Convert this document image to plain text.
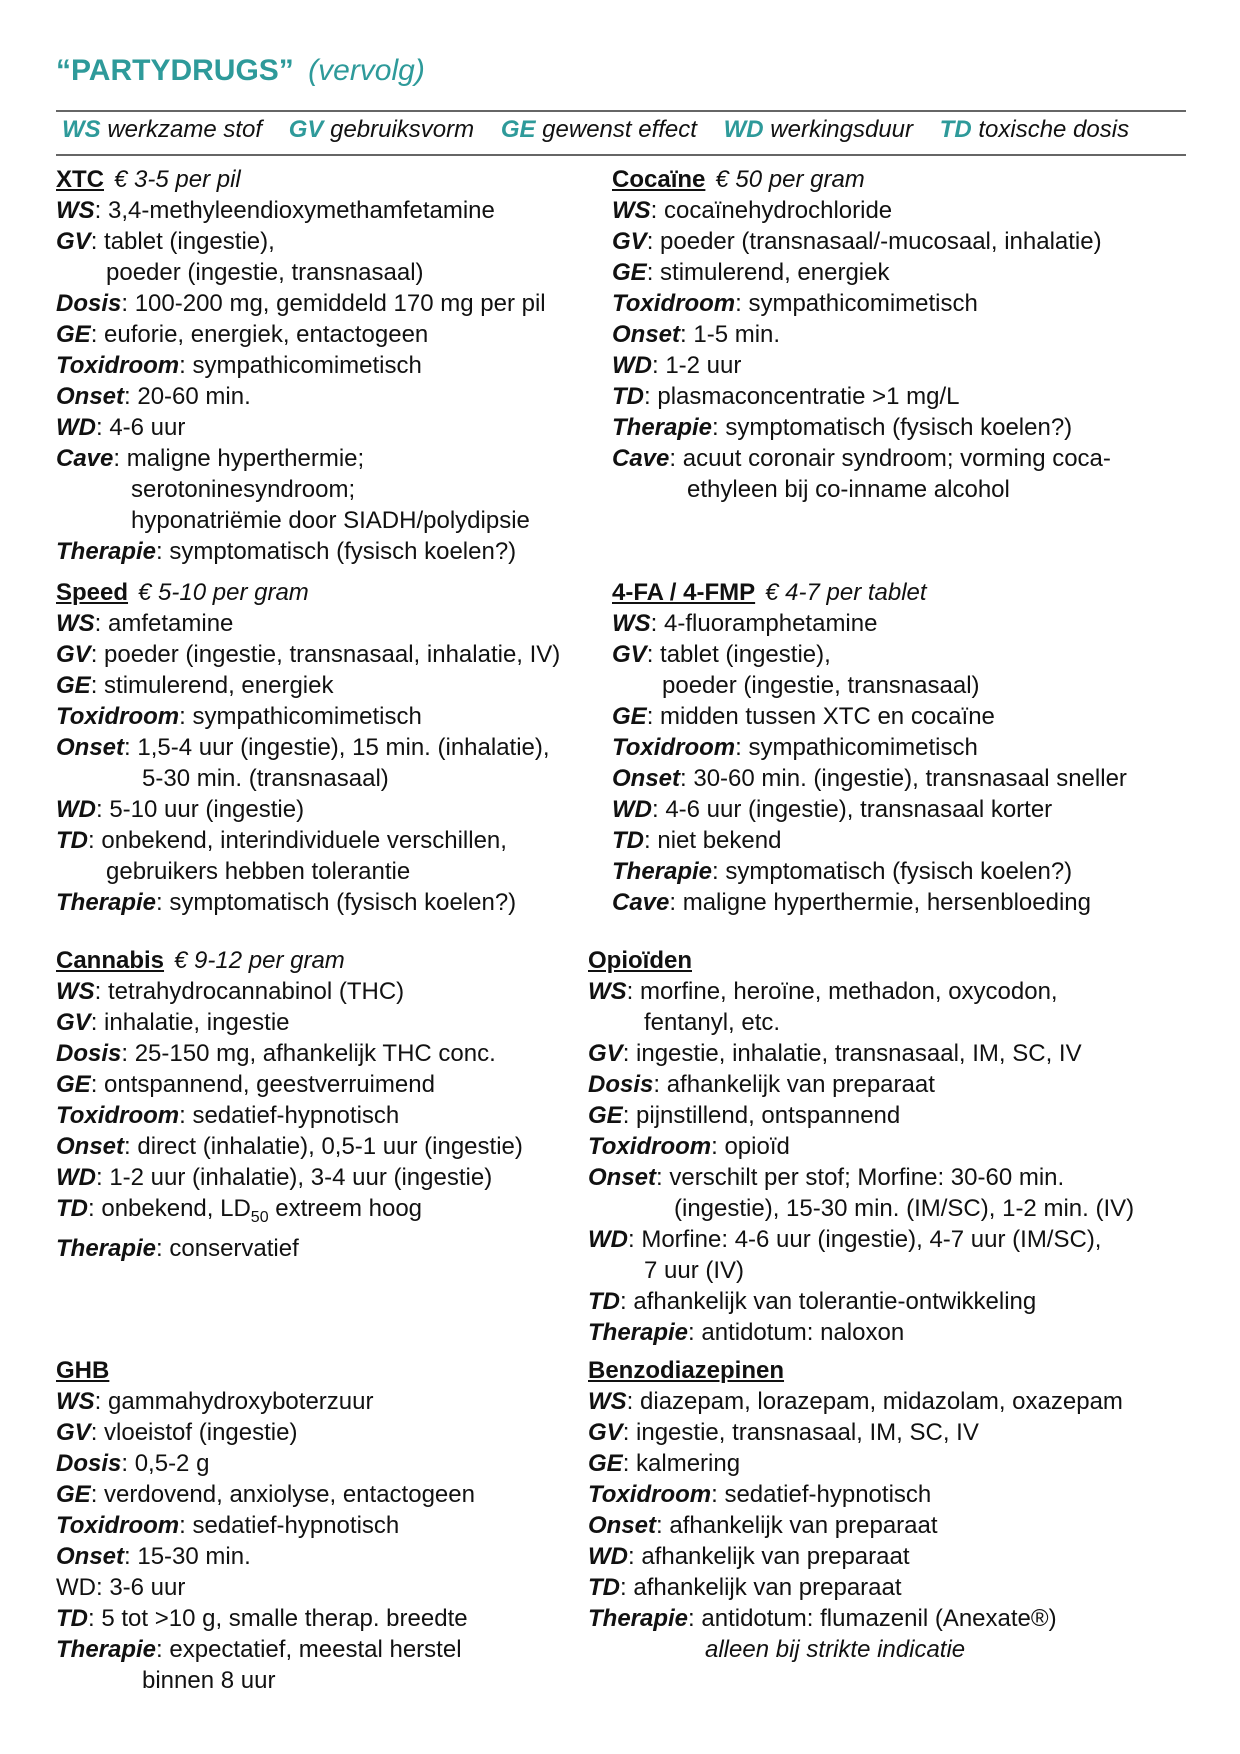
“PARTYDRUGS” (vervolg)
WS werkzame stof GV gebruiksvorm GE gewenst effect WD werkingsduur TD toxische dosis
XTC € 3-5 per pil
WS: 3,4-methyleendioxymethamfetamine
GV: tablet (ingestie),
poeder (ingestie, transnasaal)
Dosis: 100-200 mg, gemiddeld 170 mg per pil
GE: euforie, energiek, entactogeen
Toxidroom: sympathicomimetisch
Onset: 20-60 min.
WD: 4-6 uur
Cave: maligne hyperthermie;
serotoninesyndroom;
hyponatriëmie door SIADH/polydipsie
Therapie: symptomatisch (fysisch koelen?)
Cocaïne € 50 per gram
WS: cocaïnehydrochloride
GV: poeder (transnasaal/-mucosaal, inhalatie)
GE: stimulerend, energiek
Toxidroom: sympathicomimetisch
Onset: 1-5 min.
WD: 1-2 uur
TD: plasmaconcentratie >1 mg/L
Therapie: symptomatisch (fysisch koelen?)
Cave: acuut coronair syndroom; vorming coca-
ethyleen bij co-inname alcohol
Speed € 5-10 per gram
WS: amfetamine
GV: poeder (ingestie, transnasaal, inhalatie, IV)
GE: stimulerend, energiek
Toxidroom: sympathicomimetisch
Onset: 1,5-4 uur (ingestie), 15 min. (inhalatie),
5-30 min. (transnasaal)
WD: 5-10 uur (ingestie)
TD: onbekend, interindividuele verschillen,
gebruikers hebben tolerantie
Therapie: symptomatisch (fysisch koelen?)
4-FA / 4-FMP € 4-7 per tablet
WS: 4-fluoramphetamine
GV: tablet (ingestie),
poeder (ingestie, transnasaal)
GE: midden tussen XTC en cocaïne
Toxidroom: sympathicomimetisch
Onset: 30-60 min. (ingestie), transnasaal sneller
WD: 4-6 uur (ingestie), transnasaal korter
TD: niet bekend
Therapie: symptomatisch (fysisch koelen?)
Cave: maligne hyperthermie, hersenbloeding
Cannabis € 9-12 per gram
WS: tetrahydrocannabinol (THC)
GV: inhalatie, ingestie
Dosis: 25-150 mg, afhankelijk THC conc.
GE: ontspannend, geestverruimend
Toxidroom: sedatief-hypnotisch
Onset: direct (inhalatie), 0,5-1 uur (ingestie)
WD: 1-2 uur (inhalatie), 3-4 uur (ingestie)
TD: onbekend, $LD_{50}$ extreem hoog
Therapie: conservatief
Opioïden
WS: morfine, heroïne, methadon, oxycodon,
fentanyl, etc.
GV: ingestie, inhalatie, transnasaal, IM, SC, IV
Dosis: afhankelijk van preparaat
GE: pijnstillend, ontspannend
Toxidroom: opioïd
Onset: verschilt per stof; Morfine: 30-60 min.
(ingestie), 15-30 min. (IM/SC), 1-2 min. (IV)
WD: Morfine: 4-6 uur (ingestie), 4-7 uur (IM/SC),
7 uur (IV)
TD: afhankelijk van tolerantie-ontwikkeling
Therapie: antidotum: naloxon
GHB
WS: gammahydroxyboterzuur
GV: vloeistof (ingestie)
Dosis: 0,5-2 g
GE: verdovend, anxiolyse, entactogeen
Toxidroom: sedatief-hypnotisch
Onset: 15-30 min.
WD: 3-6 uur
TD: 5 tot >10 g, smalle therap. breedte
Therapie: expectatief, meestal herstel
binnen 8 uur
Benzodiazepinen
WS: diazepam, lorazepam, midazolam, oxazepam
GV: ingestie, transnasaal, IM, SC, IV
GE: kalmering
Toxidroom: sedatief-hypnotisch
Onset: afhankelijk van preparaat
WD: afhankelijk van preparaat
TD: afhankelijk van preparaat
Therapie: antidotum: flumazenil (Anexate®)
alleen bij strikte indicatie
